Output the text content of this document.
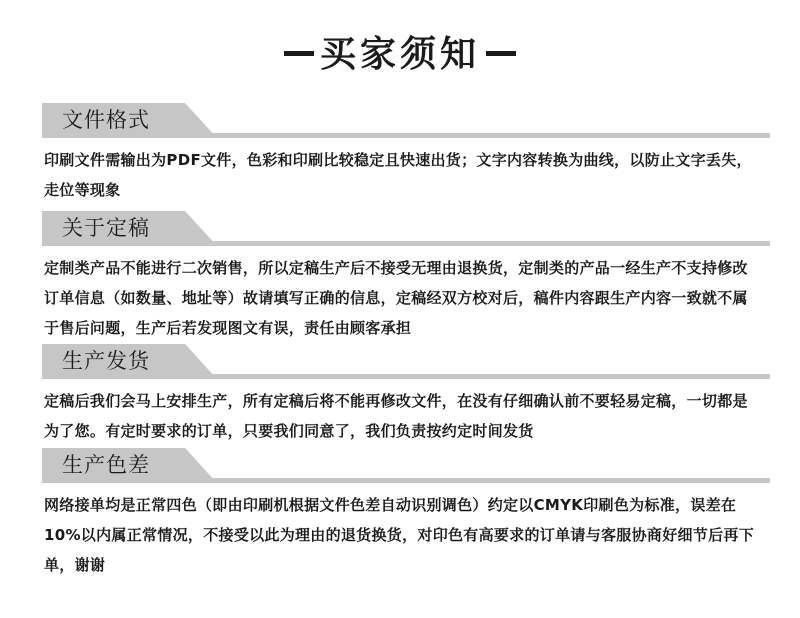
买家须知
文件格式
印刷文件需输出为PDF文件，色彩和印刷比较稳定且快速出货；文字内容转换为曲线，以防止文字丢失，走位等现象
关于定稿
定制类产品不能进行二次销售，所以定稿生产后不接受无理由退换货，定制类的产品一经生产不支持修改订单信息（如数量、地址等）故请填写正确的信息，定稿经双方校对后，稿件内容跟生产内容一致就不属于售后问题，生产后若发现图文有误，责任由顾客承担
生产发货
定稿后我们会马上安排生产，所有定稿后将不能再修改文件，在没有仔细确认前不要轻易定稿，一切都是为了您。有定时要求的订单，只要我们同意了，我们负责按约定时间发货
生产色差
网络接单均是正常四色（即由印刷机根据文件色差自动识别调色）约定以CMYK印刷色为标准，误差在10%以内属正常情况，不接受以此为理由的退货换货，对印色有高要求的订单请与客服协商好细节后再下单，谢谢
